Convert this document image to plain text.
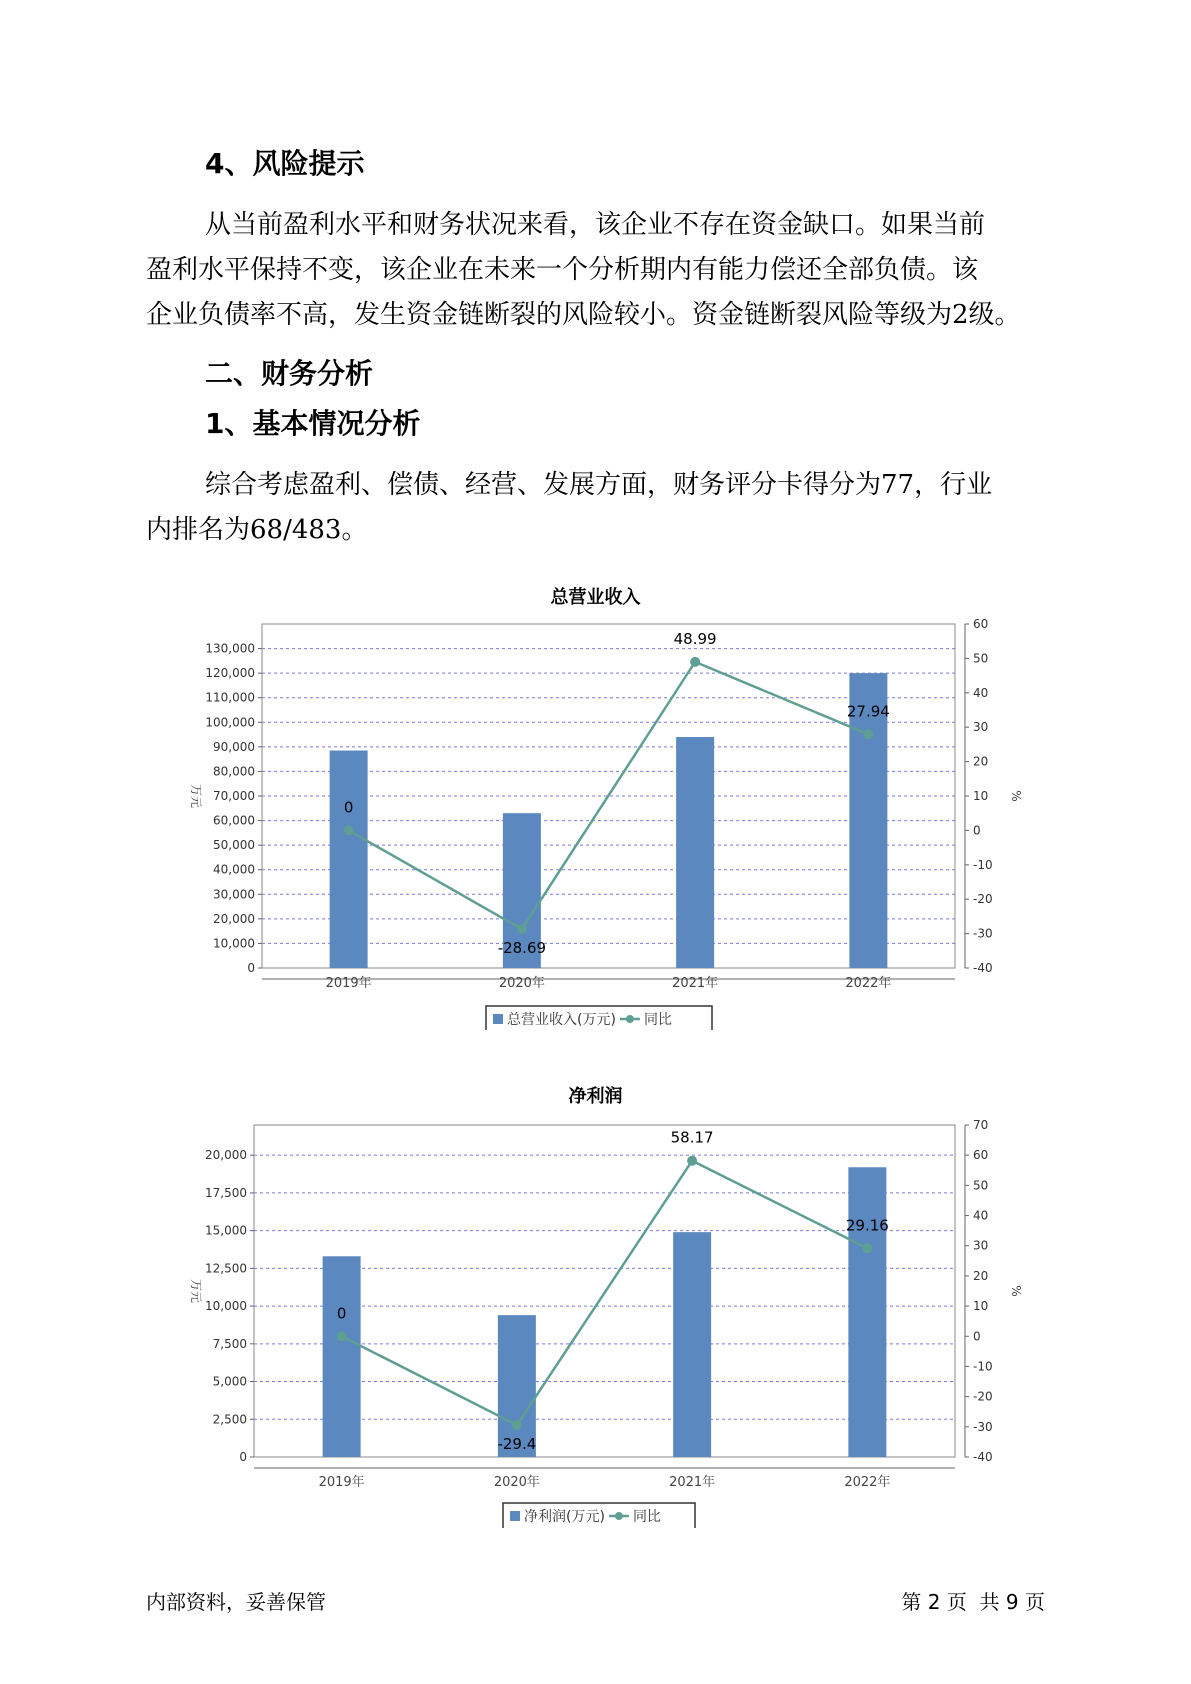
4、风险提示

从当前盈利水平和财务状况来看，该企业不存在资金缺口。如果当前

盈利水平保持不变，该企业在未来一个分析期内有能力偿还全部负债。该

企业负债率不高，发生资金链断裂的风险较小。资金链断裂风险等级为2级。

二、财务分析
1、基本情况分析

综合考虑盈利、偿债、经营、发展方面，财务评分卡得分为77，行业

内排名为68/483。

总营业收入
0
10,000
20,000
30,000
40,000
50,000
60,000
70,000
80,000
90,000
100,000
110,000
120,000
130,000
-40
-30
-20
-10
0
10
20
30
40
50
60
万元	%
2019年	2020年	2021年	2022年
0
-28.69
48.99
27.94
总营业收入(万元) 同比
净利润
0
2,500
5,000
7,500
10,000
12,500
15,000
17,500
20,000
-40
-30
-20
-10
0
10
20
30
40
50
60
70
万元	%
2019年	2020年	2021年	2022年
0
-29.4
58.17
29.16
净利润(万元) 同比
内部资料，妥善保管	第 2 页  共 9 页
